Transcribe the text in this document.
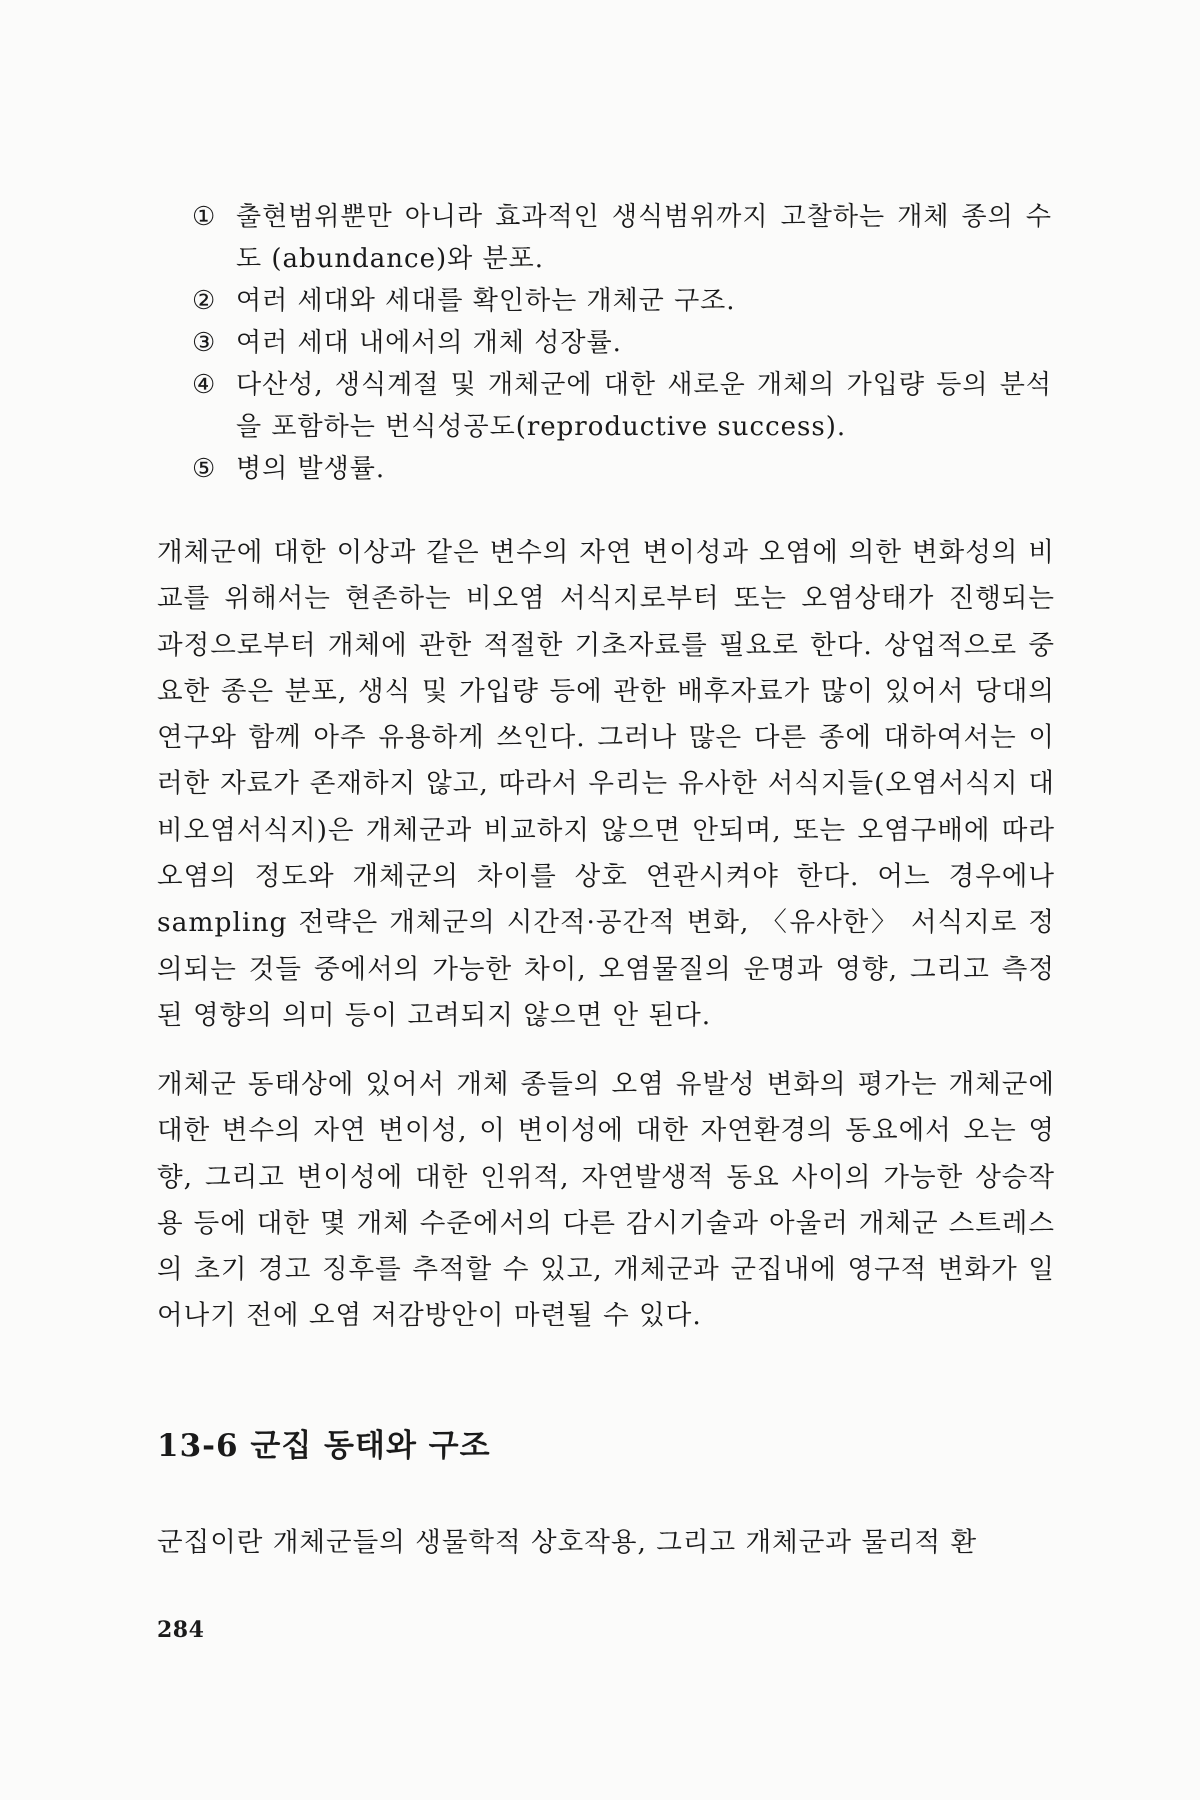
① 출현범위뿐만 아니라 효과적인 생식범위까지 고찰하는 개체 종의 수도 (abundance)와 분포.
② 여러 세대와 세대를 확인하는 개체군 구조.
③ 여러 세대 내에서의 개체 성장률.
④ 다산성, 생식계절 및 개체군에 대한 새로운 개체의 가입량 등의 분석을 포함하는 번식성공도(reproductive success).
⑤ 병의 발생률.

개체군에 대한 이상과 같은 변수의 자연 변이성과 오염에 의한 변화성의 비교를 위해서는 현존하는 비오염 서식지로부터 또는 오염상태가 진행되는 과정으로부터 개체에 관한 적절한 기초자료를 필요로 한다. 상업적으로 중요한 종은 분포, 생식 및 가입량 등에 관한 배후자료가 많이 있어서 당대의 연구와 함께 아주 유용하게 쓰인다. 그러나 많은 다른 종에 대하여서는 이러한 자료가 존재하지 않고, 따라서 우리는 유사한 서식지들(오염서식지 대 비오염서식지)은 개체군과 비교하지 않으면 안되며, 또는 오염구배에 따라 오염의 정도와 개체군의 차이를 상호 연관시켜야 한다. 어느 경우에나 sampling 전략은 개체군의 시간적·공간적 변화, 〈유사한〉 서식지로 정의되는 것들 중에서의 가능한 차이, 오염물질의 운명과 영향, 그리고 측정된 영향의 의미 등이 고려되지 않으면 안 된다.

개체군 동태상에 있어서 개체 종들의 오염 유발성 변화의 평가는 개체군에 대한 변수의 자연 변이성, 이 변이성에 대한 자연환경의 동요에서 오는 영향, 그리고 변이성에 대한 인위적, 자연발생적 동요 사이의 가능한 상승작용 등에 대한 몇 개체 수준에서의 다른 감시기술과 아울러 개체군 스트레스의 초기 경고 징후를 추적할 수 있고, 개체군과 군집내에 영구적 변화가 일어나기 전에 오염 저감방안이 마련될 수 있다.

13-6 군집 동태와 구조

군집이란 개체군들의 생물학적 상호작용, 그리고 개체군과 물리적 환

284
